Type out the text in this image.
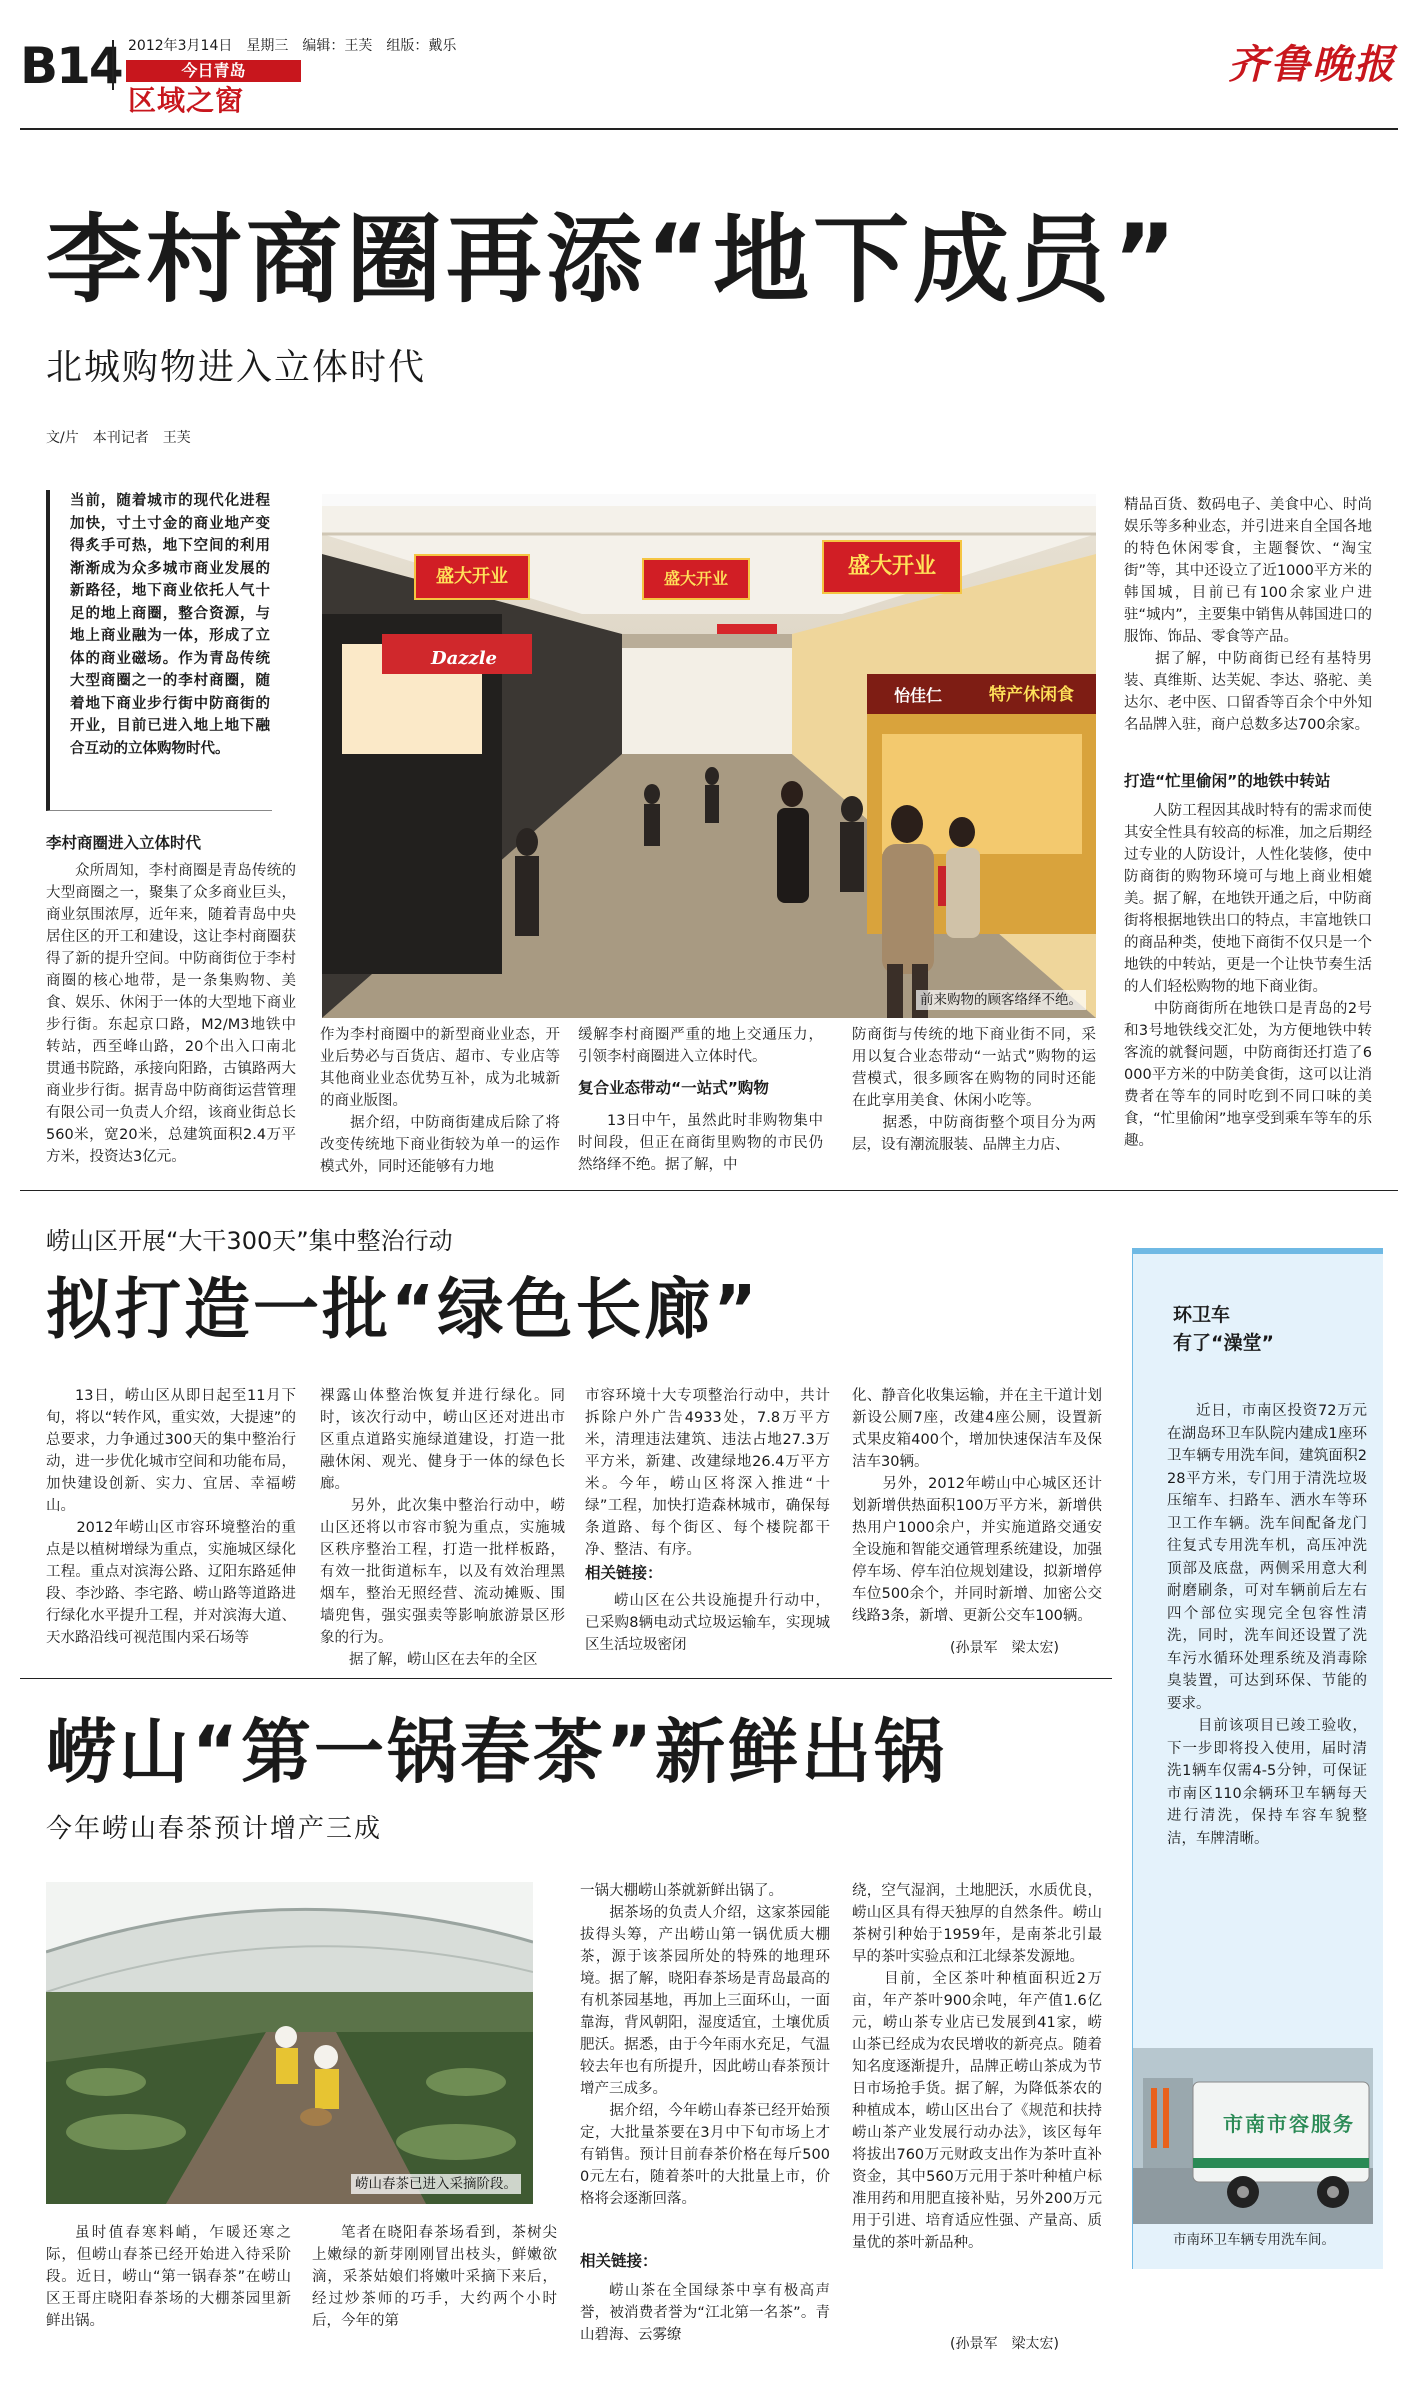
B14 2012年3月14日　星期三　编辑：王芙　组版：戴乐
今日青岛
区域之窗
齐鲁晚报
李村商圈再添“地下成员”
北城购物进入立体时代
文/片　本刊记者　王芙

当前，随着城市的现代化进程加快，寸土寸金的商业地产变得炙手可热，地下空间的利用渐渐成为众多城市商业发展的新路径，地下商业依托人气十足的地上商圈，整合资源，与地上商业融为一体，形成了立体的商业磁场。作为青岛传统大型商圈之一的李村商圈，随着地下商业步行街中防商街的开业，目前已进入地上地下融合互动的立体购物时代。

李村商圈进入立体时代

众所周知，李村商圈是青岛传统的大型商圈之一，聚集了众多商业巨头，商业氛围浓厚，近年来，随着青岛中央居住区的开工和建设，这让李村商圈获得了新的提升空间。中防商街位于李村商圈的核心地带，是一条集购物、美食、娱乐、休闲于一体的大型地下商业步行街。东起京口路，M2/M3地铁中转站，西至峰山路，20个出入口南北贯通书院路，承接向阳路，古镇路两大商业步行街。据青岛中防商街运营管理有限公司一负责人介绍，该商业街总长560米，宽20米，总建筑面积2.4万平方米，投资达3亿元。

盛大开业	盛大开业	盛大开业
特产休闲食
Dazzle
怡佳仁
前来购物的顾客络绎不绝。

作为李村商圈中的新型商业业态，开业后势必与百货店、超市、专业店等其他商业业态优势互补，成为北城新的商业版图。
　　据介绍，中防商街建成后除了将改变传统地下商业街较为单一的运作模式外，同时还能够有力地

缓解李村商圈严重的地上交通压力，引领李村商圈进入立体时代。

复合业态带动“一站式”购物

13日中午，虽然此时非购物集中时间段，但正在商街里购物的市民仍然络绎不绝。据了解，中

防商街与传统的地下商业街不同，采用以复合业态带动“一站式”购物的运营模式，很多顾客在购物的同时还能在此享用美食、休闲小吃等。
　　据悉，中防商街整个项目分为两层，设有潮流服装、品牌主力店、

精品百货、数码电子、美食中心、时尚娱乐等多种业态，并引进来自全国各地的特色休闲零食，主题餐饮、“淘宝街”等，其中还设立了近1000平方米的韩国城，目前已有100余家业户进驻“城内”，主要集中销售从韩国进口的服饰、饰品、零食等产品。
　　据了解，中防商街已经有基特男装、真维斯、达芙妮、李达、骆驼、美达尔、老中医、口留香等百余个中外知名品牌入驻，商户总数多达700余家。

打造“忙里偷闲”的地铁中转站

人防工程因其战时特有的需求而使其安全性具有较高的标准，加之后期经过专业的人防设计，人性化装修，使中防商街的购物环境可与地上商业相媲美。据了解，在地铁开通之后，中防商街将根据地铁出口的特点，丰富地铁口的商品种类，使地下商街不仅只是一个地铁的中转站，更是一个让快节奏生活的人们轻松购物的地下商业街。
　　中防商街所在地铁口是青岛的2号和3号地铁线交汇处，为方便地铁中转客流的就餐问题，中防商街还打造了6000平方米的中防美食街，这可以让消费者在等车的同时吃到不同口味的美食，“忙里偷闲”地享受到乘车等车的乐趣。

崂山区开展“大干300天”集中整治行动
拟打造一批“绿色长廊”

13日，崂山区从即日起至11月下旬，将以“转作风，重实效，大提速”的总要求，力争通过300天的集中整治行动，进一步优化城市空间和功能布局，加快建设创新、实力、宜居、幸福崂山。
　　2012年崂山区市容环境整治的重点是以植树增绿为重点，实施城区绿化工程。重点对滨海公路、辽阳东路延伸段、李沙路、李宅路、崂山路等道路进行绿化水平提升工程，并对滨海大道、天水路沿线可视范围内采石场等

裸露山体整治恢复并进行绿化。同时，该次行动中，崂山区还对进出市区重点道路实施绿道建设，打造一批融休闲、观光、健身于一体的绿色长廊。
　　另外，此次集中整治行动中，崂山区还将以市容市貌为重点，实施城区秩序整治工程，打造一批样板路，有效一批街道标车，以及有效治理黑烟车，整治无照经营、流动摊贩、围墙兜售，强实强卖等影响旅游景区形象的行为。
　　据了解，崂山区在去年的全区

市容环境十大专项整治行动中，共计拆除户外广告4933处，7.8万平方米，清理违法建筑、违法占地27.3万平方米，新建、改建绿地26.4万平方米。今年，崂山区将深入推进“十绿”工程，加快打造森林城市，确保每条道路、每个街区、每个楼院都干净、整洁、有序。

相关链接：

崂山区在公共设施提升行动中，已采购8辆电动式垃圾运输车，实现城区生活垃圾密闭

化、静音化收集运输，并在主干道计划新设公厕7座，改建4座公厕，设置新式果皮箱400个，增加快速保洁车及保洁车30辆。
　　另外，2012年崂山中心城区还计划新增供热面积100万平方米，新增供热用户1000余户，并实施道路交通安全设施和智能交通管理系统建设，加强停车场、停车泊位规划建设，拟新增停车位500余个，并同时新增、加密公交线路3条，新增、更新公交车100辆。

(孙景军　梁太宏)
环卫车
有了“澡堂”

近日，市南区投资72万元在湖岛环卫车队院内建成1座环卫车辆专用洗车间，建筑面积228平方米，专门用于清洗垃圾压缩车、扫路车、洒水车等环卫工作车辆。洗车间配备龙门往复式专用洗车机，高压冲洗顶部及底盘，两侧采用意大利耐磨刷条，可对车辆前后左右四个部位实现完全包容性清洗，同时，洗车间还设置了洗车污水循环处理系统及消毒除臭装置，可达到环保、节能的要求。
　　目前该项目已竣工验收，下一步即将投入使用，届时清洗1辆车仅需4-5分钟，可保证市南区110余辆环卫车辆每天进行清洗，保持车容车貌整洁，车牌清晰。

市南市容服务
市南环卫车辆专用洗车间。
崂山“第一锅春茶”新鲜出锅
今年崂山春茶预计增产三成
崂山春茶已进入采摘阶段。

虽时值春寒料峭，乍暖还寒之际，但崂山春茶已经开始进入待采阶段。近日，崂山“第一锅春茶”在崂山区王哥庄晓阳春茶场的大棚茶园里新鲜出锅。

笔者在晓阳春茶场看到，茶树尖上嫩绿的新芽刚刚冒出枝头，鲜嫩欲滴，采茶姑娘们将嫩叶采摘下来后，经过炒茶师的巧手，大约两个小时后，今年的第

一锅大棚崂山茶就新鲜出锅了。
　　据茶场的负责人介绍，这家茶园能拔得头筹，产出崂山第一锅优质大棚茶，源于该茶园所处的特殊的地理环境。据了解，晓阳春茶场是青岛最高的有机茶园基地，再加上三面环山，一面靠海，背风朝阳，湿度适宜，土壤优质肥沃。据悉，由于今年雨水充足，气温较去年也有所提升，因此崂山春茶预计增产三成多。
　　据介绍，今年崂山春茶已经开始预定，大批量茶要在3月中下旬市场上才有销售。预计目前春茶价格在每斤5000元左右，随着茶叶的大批量上市，价格将会逐渐回落。

相关链接：

崂山茶在全国绿茶中享有极高声誉，被消费者誉为“江北第一名茶”。青山碧海、云雾缭

绕，空气湿润，土地肥沃，水质优良，崂山区具有得天独厚的自然条件。崂山茶树引种始于1959年，是南茶北引最早的茶叶实验点和江北绿茶发源地。
　　目前，全区茶叶种植面积近2万亩，年产茶叶900余吨，年产值1.6亿元，崂山茶专业店已发展到41家，崂山茶已经成为农民增收的新亮点。随着知名度逐渐提升，品牌正崂山茶成为节日市场抢手货。据了解，为降低茶农的种植成本，崂山区出台了《规范和扶持崂山茶产业发展行动办法》，该区每年将拔出760万元财政支出作为茶叶直补资金，其中560万元用于茶叶种植户标准用药和用肥直接补贴，另外200万元用于引进、培育适应性强、产量高、质量优的茶叶新品种。

(孙景军　梁太宏)
